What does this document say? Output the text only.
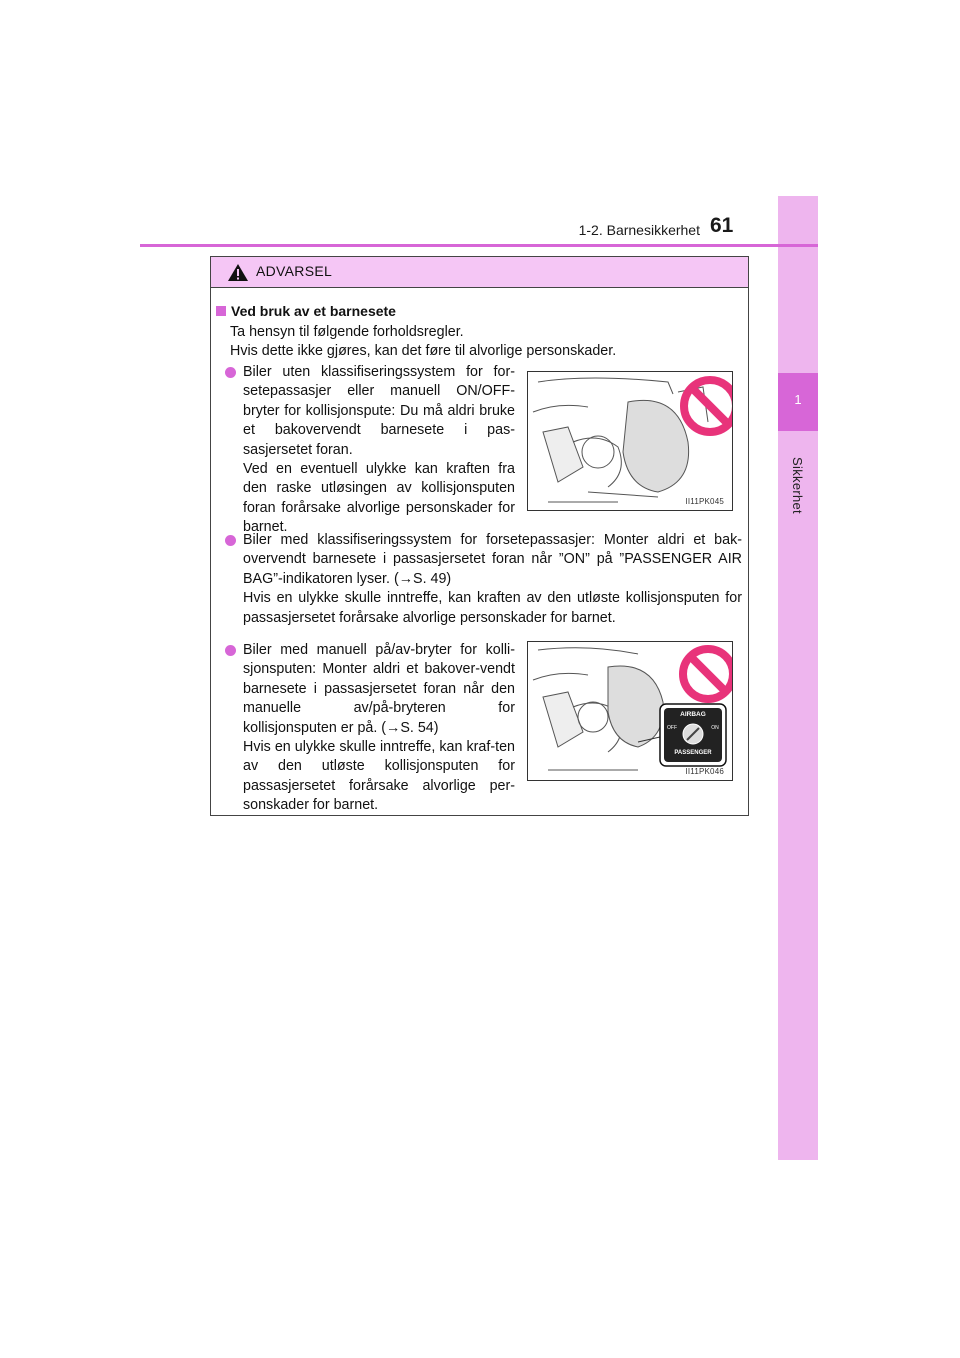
1
Sikkerhet
1-2. Barnesikkerhet 61
ADVARSEL
Ved bruk av et barnesete
Ta hensyn til følgende forholdsregler.
Hvis dette ikke gjøres, kan det føre til alvorlige personskader.
Biler uten klassifiseringssystem for for-setepassasjer eller manuell ON/OFF-bryter for kollisjonspute: Du må aldri bruke et bakovervendt barnesete i pas-sasjersetet foran.
Ved en eventuell ulykke kan kraften fra den raske utløsingen av kollisjonsputen foran forårsake alvorlige personskader for barnet.
II11PK045
Biler med klassifiseringssystem for forsetepassasjer: Monter aldri et bak-overvendt barnesete i passasjersetet foran når ”ON” på ”PASSENGER AIR BAG”-indikatoren lyser. (→S. 49)
Hvis en ulykke skulle inntreffe, kan kraften av den utløste kollisjonsputen for passasjersetet forårsake alvorlige personskader for barnet.
Biler med manuell på/av-bryter for kolli-sjonsputen: Monter aldri et bakover-vendt barnesete i passasjersetet foran når den manuelle av/på-bryteren for kollisjonsputen er på. (→S. 54)
Hvis en ulykke skulle inntreffe, kan kraf-ten av den utløste kollisjonsputen for passasjersetet forårsake alvorlige per-sonskader for barnet.
AIRBAG
OFF	ON
PASSENGER
II11PK046
